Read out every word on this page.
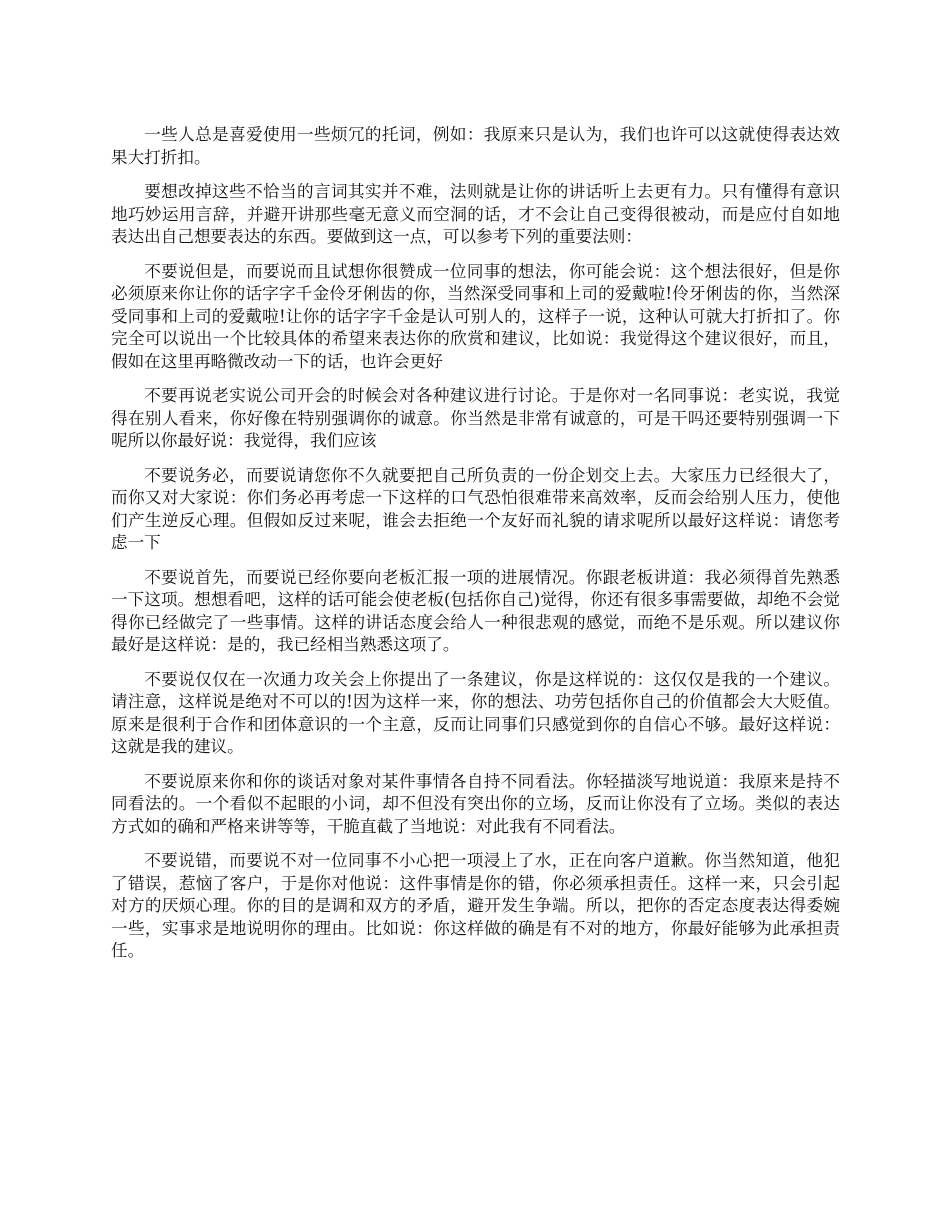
一些人总是喜爱使用一些烦冗的托词，例如：我原来只是认为，我们也许可以这就使得表达效果大打折扣。

要想改掉这些不恰当的言词其实并不难，法则就是让你的讲话听上去更有力。只有懂得有意识地巧妙运用言辞，并避开讲那些毫无意义而空洞的话，才不会让自己变得很被动，而是应付自如地表达出自己想要表达的东西。要做到这一点，可以参考下列的重要法则：

不要说但是，而要说而且试想你很赞成一位同事的想法，你可能会说：这个想法很好，但是你必须原来你让你的话字字千金伶牙俐齿的你，当然深受同事和上司的爱戴啦!伶牙俐齿的你，当然深受同事和上司的爱戴啦!让你的话字字千金是认可别人的，这样子一说，这种认可就大打折扣了。你完全可以说出一个比较具体的希望来表达你的欣赏和建议，比如说：我觉得这个建议很好，而且，假如在这里再略微改动一下的话，也许会更好

不要再说老实说公司开会的时候会对各种建议进行讨论。于是你对一名同事说：老实说，我觉得在别人看来，你好像在特别强调你的诚意。你当然是非常有诚意的，可是干吗还要特别强调一下呢所以你最好说：我觉得，我们应该

不要说务必，而要说请您你不久就要把自己所负责的一份企划交上去。大家压力已经很大了，而你又对大家说：你们务必再考虑一下这样的口气恐怕很难带来高效率，反而会给别人压力，使他们产生逆反心理。但假如反过来呢，谁会去拒绝一个友好而礼貌的请求呢所以最好这样说：请您考虑一下

不要说首先，而要说已经你要向老板汇报一项的进展情况。你跟老板讲道：我必须得首先熟悉一下这项。想想看吧，这样的话可能会使老板(包括你自己)觉得，你还有很多事需要做，却绝不会觉得你已经做完了一些事情。这样的讲话态度会给人一种很悲观的感觉，而绝不是乐观。所以建议你最好是这样说：是的，我已经相当熟悉这项了。

不要说仅仅在一次通力攻关会上你提出了一条建议，你是这样说的：这仅仅是我的一个建议。请注意，这样说是绝对不可以的!因为这样一来，你的想法、功劳包括你自己的价值都会大大贬值。原来是很利于合作和团体意识的一个主意，反而让同事们只感觉到你的自信心不够。最好这样说：这就是我的建议。

不要说原来你和你的谈话对象对某件事情各自持不同看法。你轻描淡写地说道：我原来是持不同看法的。一个看似不起眼的小词，却不但没有突出你的立场，反而让你没有了立场。类似的表达方式如的确和严格来讲等等，干脆直截了当地说：对此我有不同看法。

不要说错，而要说不对一位同事不小心把一项浸上了水，正在向客户道歉。你当然知道，他犯了错误，惹恼了客户，于是你对他说：这件事情是你的错，你必须承担责任。这样一来，只会引起对方的厌烦心理。你的目的是调和双方的矛盾，避开发生争端。所以，把你的否定态度表达得委婉一些，实事求是地说明你的理由。比如说：你这样做的确是有不对的地方，你最好能够为此承担责任。
